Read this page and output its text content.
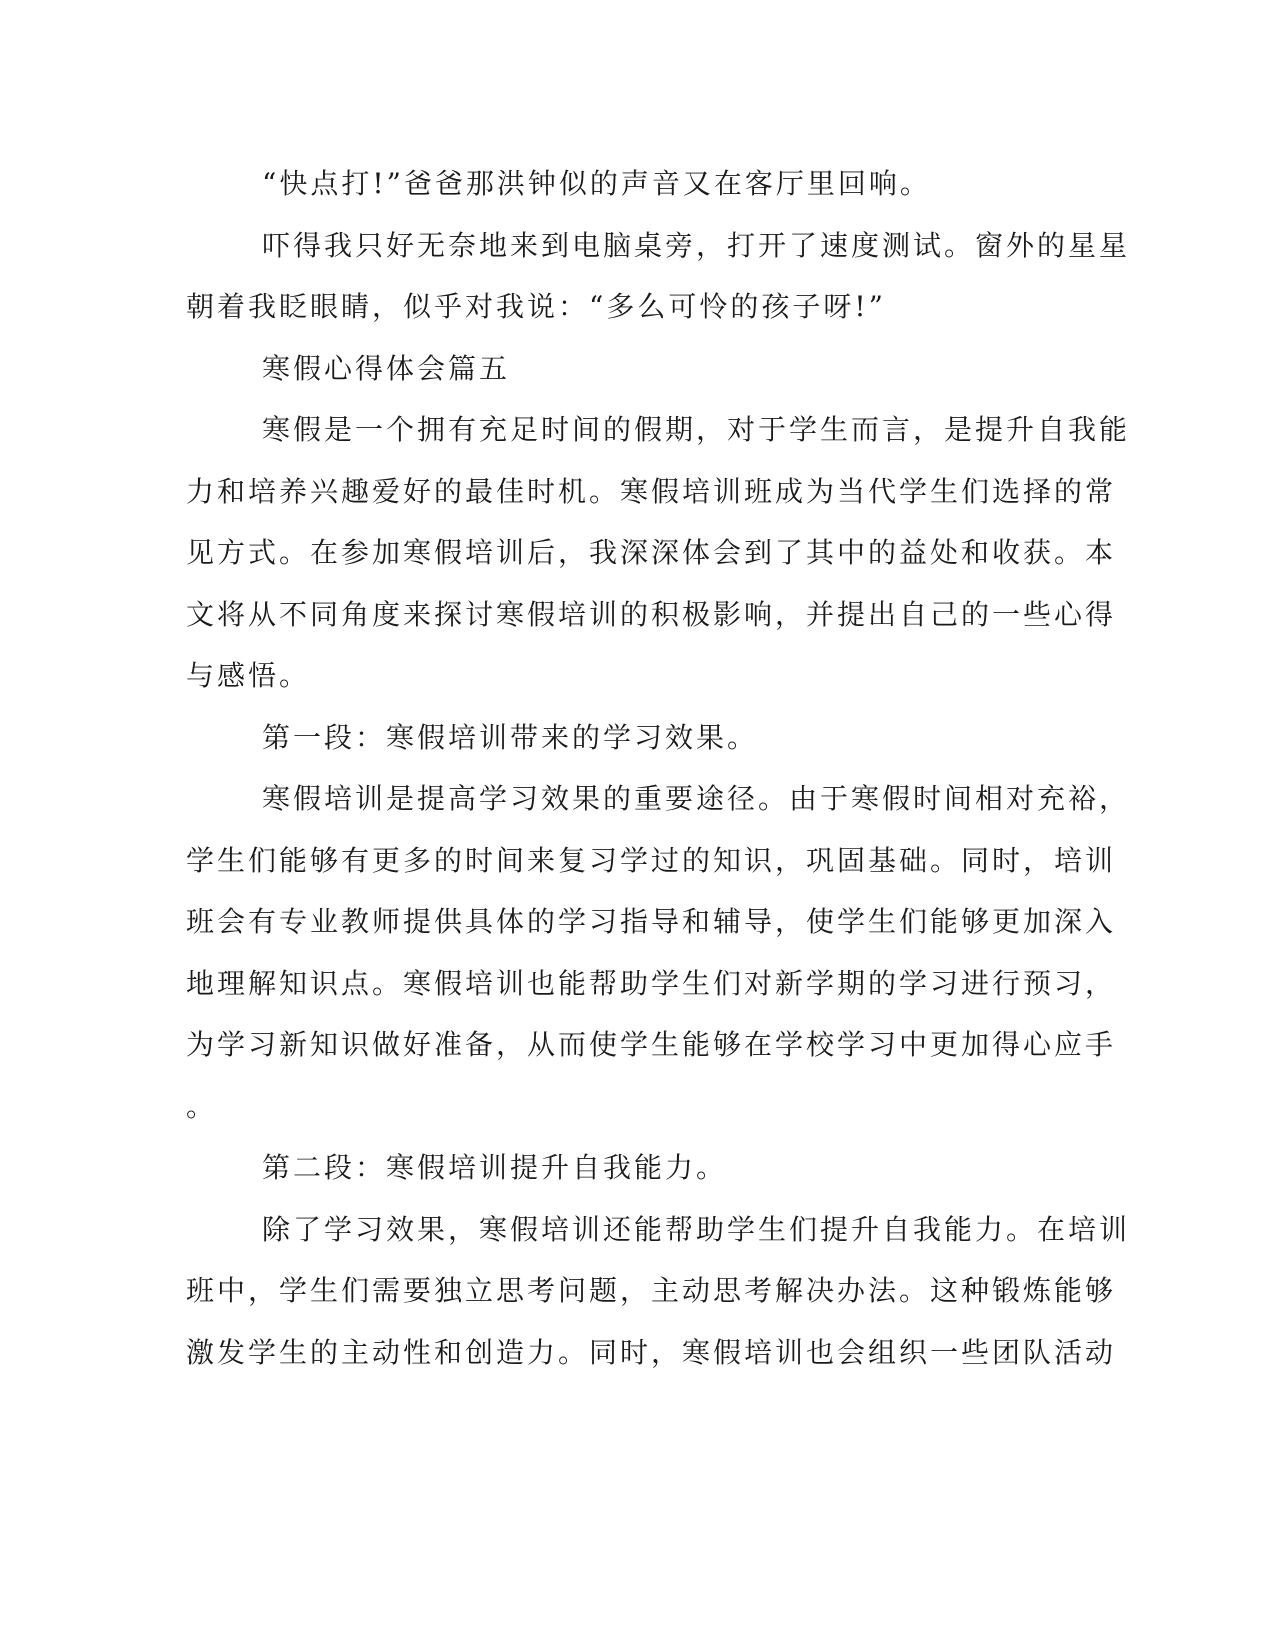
“快点打!”爸爸那洪钟似的声音又在客厅里回响。
吓得我只好无奈地来到电脑桌旁，打开了速度测试。窗外的星星
朝着我眨眼睛，似乎对我说：“多么可怜的孩子呀!”
寒假心得体会篇五
寒假是一个拥有充足时间的假期，对于学生而言，是提升自我能
力和培养兴趣爱好的最佳时机。寒假培训班成为当代学生们选择的常
见方式。在参加寒假培训后，我深深体会到了其中的益处和收获。本
文将从不同角度来探讨寒假培训的积极影响，并提出自己的一些心得
与感悟。
第一段：寒假培训带来的学习效果。
寒假培训是提高学习效果的重要途径。由于寒假时间相对充裕，
学生们能够有更多的时间来复习学过的知识，巩固基础。同时，培训
班会有专业教师提供具体的学习指导和辅导，使学生们能够更加深入
地理解知识点。寒假培训也能帮助学生们对新学期的学习进行预习，
为学习新知识做好准备，从而使学生能够在学校学习中更加得心应手
。
第二段：寒假培训提升自我能力。
除了学习效果，寒假培训还能帮助学生们提升自我能力。在培训
班中，学生们需要独立思考问题，主动思考解决办法。这种锻炼能够
激发学生的主动性和创造力。同时，寒假培训也会组织一些团队活动
